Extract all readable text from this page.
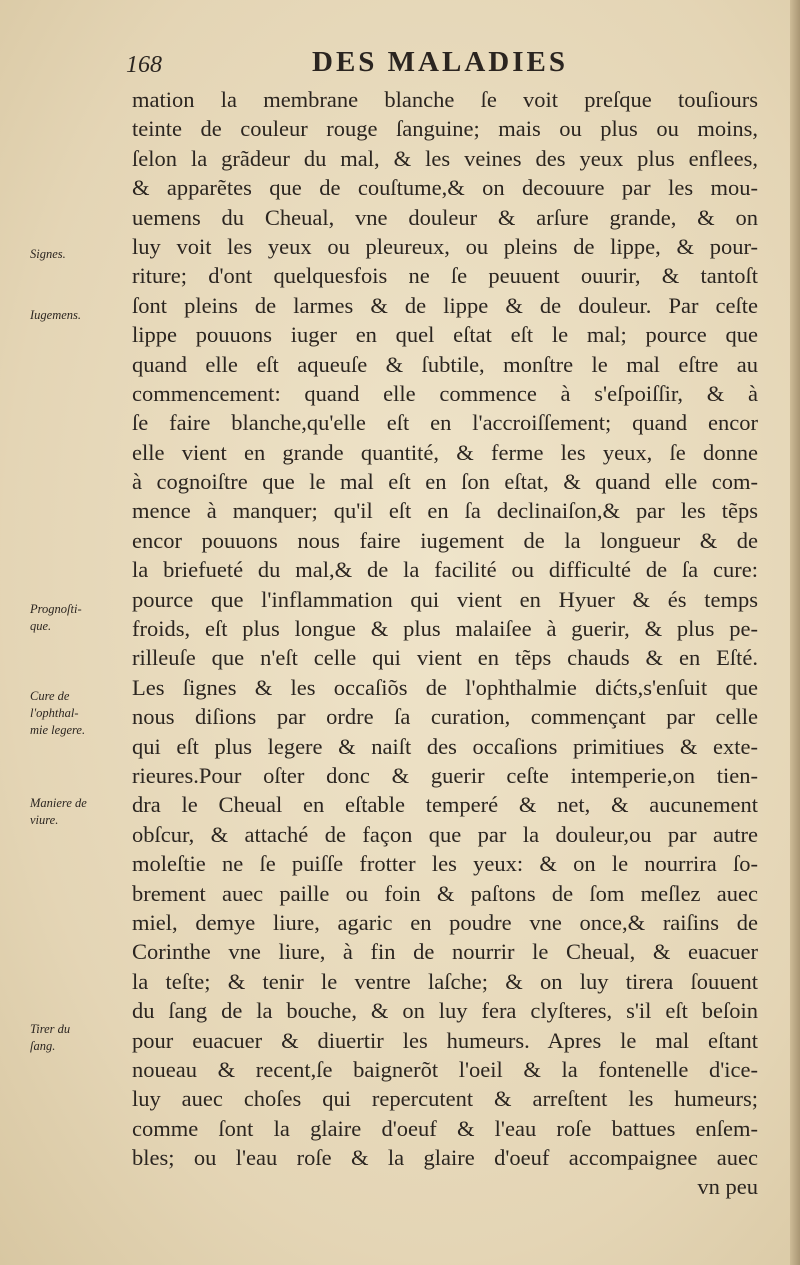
168	DES MALADIES
Signes.
Iugemens.
Prognoſti-
que.
Cure de
l'ophthal-
mie legere.
Maniere de
viure.
Tirer du
ſang.
mation la membrane blanche ſe voit preſque touſiours
teinte de couleur rouge ſanguine; mais ou plus ou moins,
ſelon la grãdeur du mal, & les veines des yeux plus enflees,
& apparẽtes que de couſtume,& on decouure par les mou-
uemens du Cheual, vne douleur & arſure grande, & on
luy voit les yeux ou pleureux, ou pleins de lippe, & pour-
riture; d'ont quelquesfois ne ſe peuuent ouurir, & tantoſt
ſont pleins de larmes & de lippe & de douleur. Par ceſte
lippe pouuons iuger en quel eſtat eſt le mal; pource que
quand elle eſt aqueuſe & ſubtile, monſtre le mal eſtre au
commencement: quand elle commence à s'eſpoiſſir, & à
ſe faire blanche,qu'elle eſt en l'accroiſſement; quand encor
elle vient en grande quantité, & ferme les yeux, ſe donne
à cognoiſtre que le mal eſt en ſon eſtat, & quand elle com-
mence à manquer; qu'il eſt en ſa declinaiſon,& par les tẽps
encor pouuons nous faire iugement de la longueur & de
la briefueté du mal,& de la facilité ou difficulté de ſa cure:
pource que l'inflammation qui vient en Hyuer & és temps
froids, eſt plus longue & plus malaiſee à guerir, & plus pe-
rilleuſe que n'eſt celle qui vient en tẽps chauds & en Eſté.
Les ſignes & les occaſiõs de l'ophthalmie dićts,s'enſuit que
nous diſions par ordre ſa curation, commençant par celle
qui eſt plus legere & naiſt des occaſions primitiues & exte-
rieures.Pour oſter donc & guerir ceſte intemperie,on tien-
dra le Cheual en eſtable temperé & net, & aucunement
obſcur, & attaché de façon que par la douleur,ou par autre
moleſtie ne ſe puiſſe frotter les yeux: & on le nourrira ſo-
brement auec paille ou foin & paſtons de ſom meſlez auec
miel, demye liure, agaric en poudre vne once,& raiſins de
Corinthe vne liure, à fin de nourrir le Cheual, & euacuer
la teſte; & tenir le ventre laſche; & on luy tirera ſouuent
du ſang de la bouche, & on luy fera clyſteres, s'il eſt beſoin
pour euacuer & diuertir les humeurs. Apres le mal eſtant
noueau & recent,ſe baignerõt l'oeil & la fontenelle d'ice-
luy auec choſes qui repercutent & arreſtent les humeurs;
comme ſont la glaire d'oeuf & l'eau roſe battues enſem-
bles; ou l'eau roſe & la glaire d'oeuf accompaignee auec
vn peu
